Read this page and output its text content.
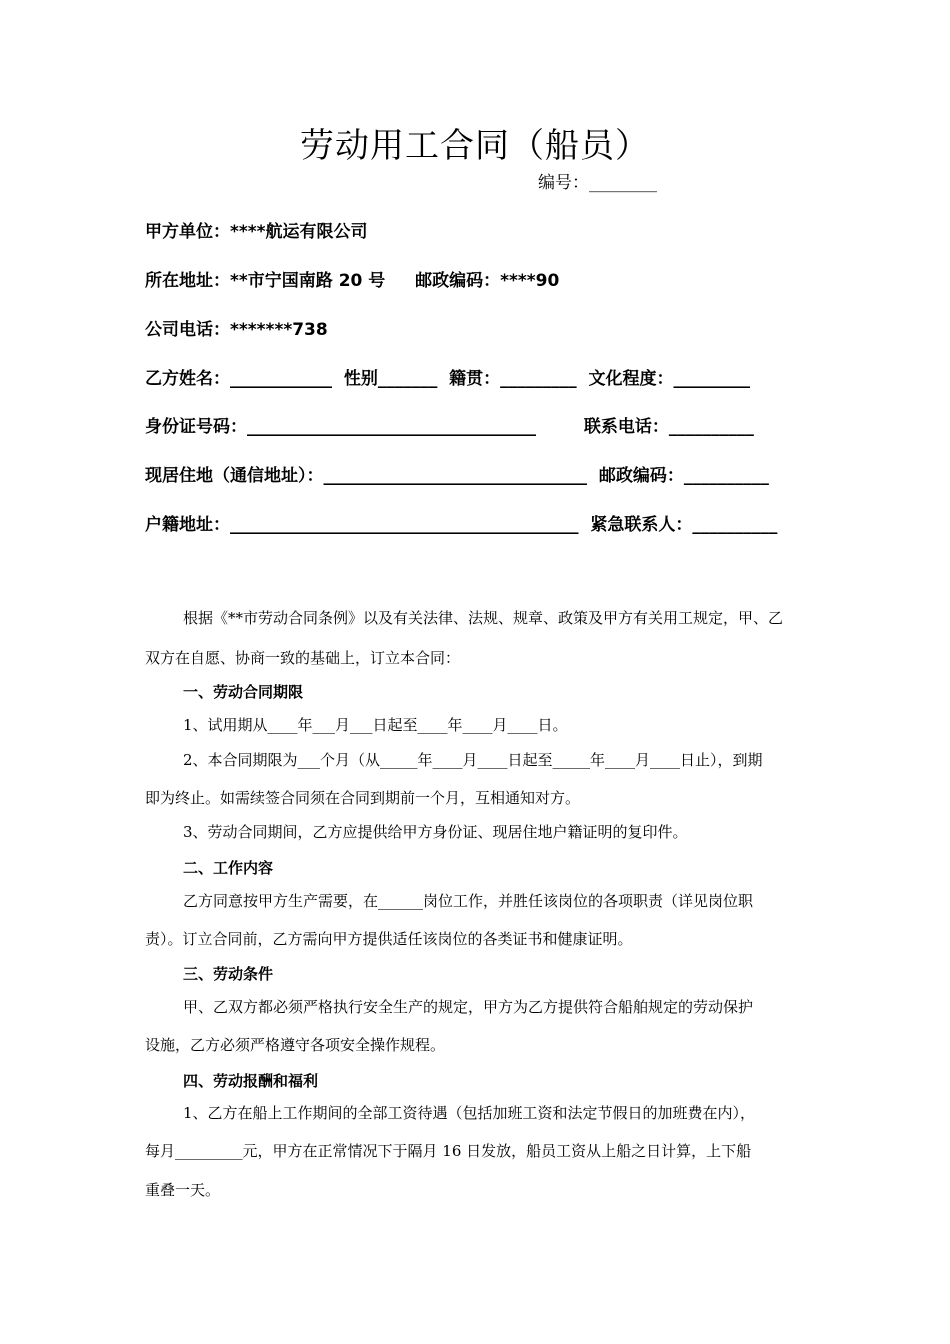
劳动用工合同（船员）
编号：________
甲方单位：****航运有限公司
所在地址：**市宁国南路 20 号 邮政编码：****90
公司电话：*******738
乙方姓名：____________  性别_______  籍贯：_________  文化程度：_________
身份证号码：__________________________________	联系电话：__________
现居住地（通信地址）：_______________________________  邮政编码：__________
户籍地址：_________________________________________  紧急联系人：__________
根据《**市劳动合同条例》以及有关法律、法规、规章、政策及甲方有关用工规定，甲、乙
双方在自愿、协商一致的基础上，订立本合同：
一、劳动合同期限
1、试用期从____年___月___日起至____年____月____日。
2、本合同期限为___个月（从_____年____月____日起至_____年____月____日止），到期
即为终止。如需续签合同须在合同到期前一个月，互相通知对方。
3、劳动合同期间，乙方应提供给甲方身份证、现居住地户籍证明的复印件。
二、工作内容
乙方同意按甲方生产需要，在______岗位工作，并胜任该岗位的各项职责（详见岗位职
责）。订立合同前，乙方需向甲方提供适任该岗位的各类证书和健康证明。
三、劳动条件
甲、乙双方都必须严格执行安全生产的规定，甲方为乙方提供符合船舶规定的劳动保护
设施，乙方必须严格遵守各项安全操作规程。
四、劳动报酬和福利
1、乙方在船上工作期间的全部工资待遇（包括加班工资和法定节假日的加班费在内），
每月_________元，甲方在正常情况下于隔月 16 日发放，船员工资从上船之日计算，上下船
重叠一天。
